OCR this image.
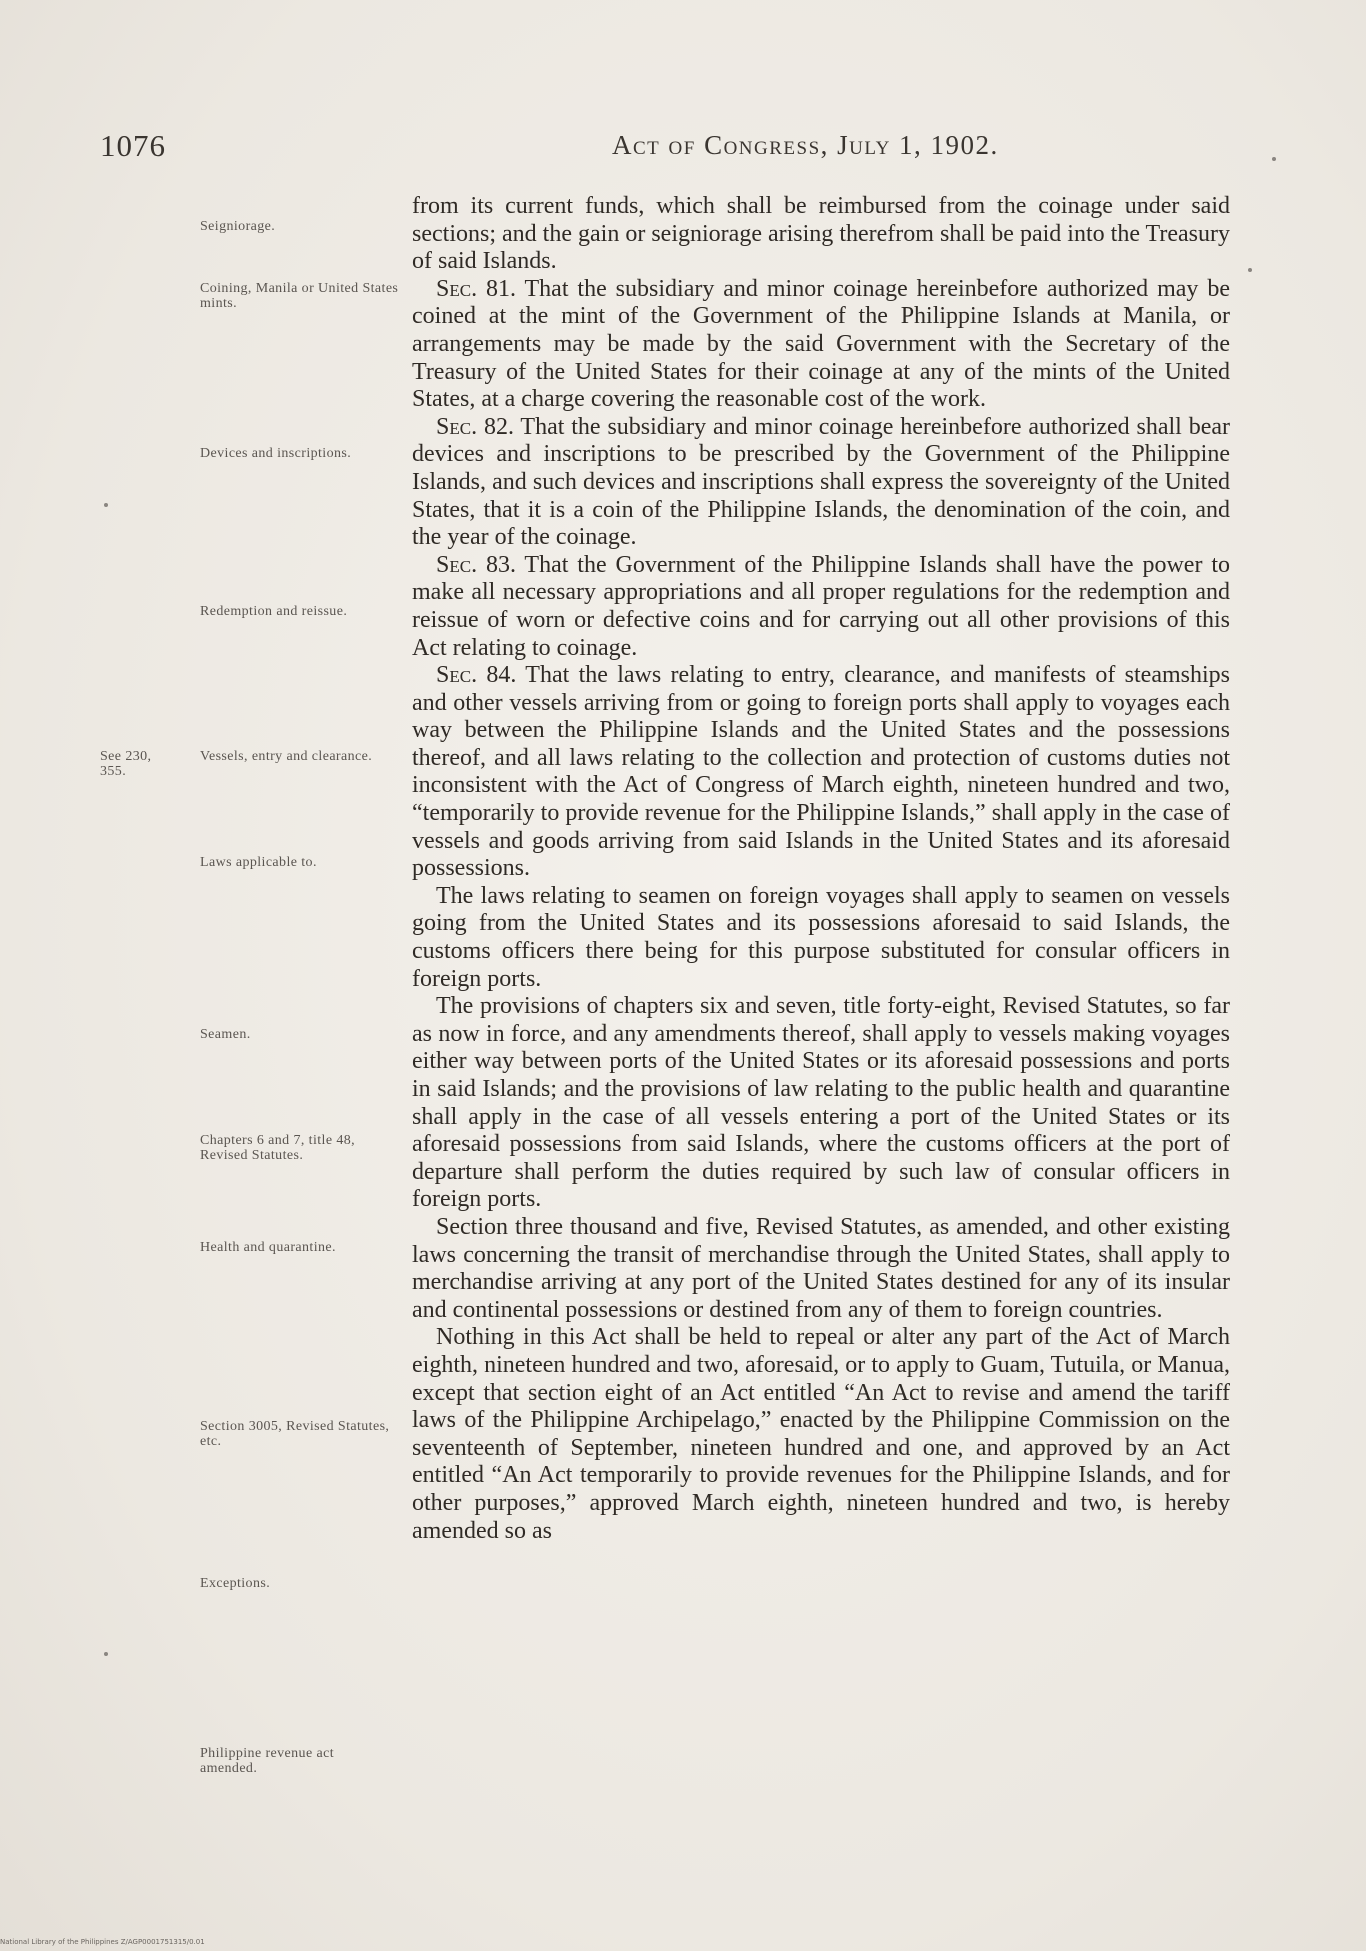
1076	Act of Congress, July 1, 1902.
Seigniorage.
Coining, Manila or United States mints.
Devices and inscriptions.
Redemption and reissue.
See 230, 355.
Vessels, entry and clearance.
Laws applicable to.
Seamen.
Chapters 6 and 7, title 48, Revised Statutes.
Health and quarantine.
Section 3005, Revised Statutes, etc.
Exceptions.
Philippine revenue act amended.

from its current funds, which shall be reimbursed from the coinage under said sections; and the gain or seigniorage arising therefrom shall be paid into the Treasury of said Islands.

Sec. 81. That the subsidiary and minor coinage hereinbefore authorized may be coined at the mint of the Government of the Philippine Islands at Manila, or arrangements may be made by the said Government with the Secretary of the Treasury of the United States for their coinage at any of the mints of the United States, at a charge covering the reasonable cost of the work.

Sec. 82. That the subsidiary and minor coinage hereinbefore authorized shall bear devices and inscriptions to be prescribed by the Government of the Philippine Islands, and such devices and inscriptions shall express the sovereignty of the United States, that it is a coin of the Philippine Islands, the denomination of the coin, and the year of the coinage.

Sec. 83. That the Government of the Philippine Islands shall have the power to make all necessary appropriations and all proper regulations for the redemption and reissue of worn or defective coins and for carrying out all other provisions of this Act relating to coinage.

Sec. 84. That the laws relating to entry, clearance, and manifests of steamships and other vessels arriving from or going to foreign ports shall apply to voyages each way between the Philippine Islands and the United States and the possessions thereof, and all laws relating to the collection and protection of customs duties not inconsistent with the Act of Congress of March eighth, nineteen hundred and two, “temporarily to provide revenue for the Philippine Islands,” shall apply in the case of vessels and goods arriving from said Islands in the United States and its aforesaid possessions.

The laws relating to seamen on foreign voyages shall apply to seamen on vessels going from the United States and its possessions aforesaid to said Islands, the customs officers there being for this purpose substituted for consular officers in foreign ports.

The provisions of chapters six and seven, title forty-eight, Revised Statutes, so far as now in force, and any amendments thereof, shall apply to vessels making voyages either way between ports of the United States or its aforesaid possessions and ports in said Islands; and the provisions of law relating to the public health and quarantine shall apply in the case of all vessels entering a port of the United States or its aforesaid possessions from said Islands, where the customs officers at the port of departure shall perform the duties required by such law of consular officers in foreign ports.

Section three thousand and five, Revised Statutes, as amended, and other existing laws concerning the transit of merchandise through the United States, shall apply to merchandise arriving at any port of the United States destined for any of its insular and continental possessions or destined from any of them to foreign countries.

Nothing in this Act shall be held to repeal or alter any part of the Act of March eighth, nineteen hundred and two, aforesaid, or to apply to Guam, Tutuila, or Manua, except that section eight of an Act entitled “An Act to revise and amend the tariff laws of the Philippine Archipelago,” enacted by the Philippine Commission on the seventeenth of September, nineteen hundred and one, and approved by an Act entitled “An Act temporarily to provide revenues for the Philippine Islands, and for other purposes,” approved March eighth, nineteen hundred and two, is hereby amended so as

National Library of the Philippines Z/AGP0001751315/0.01
